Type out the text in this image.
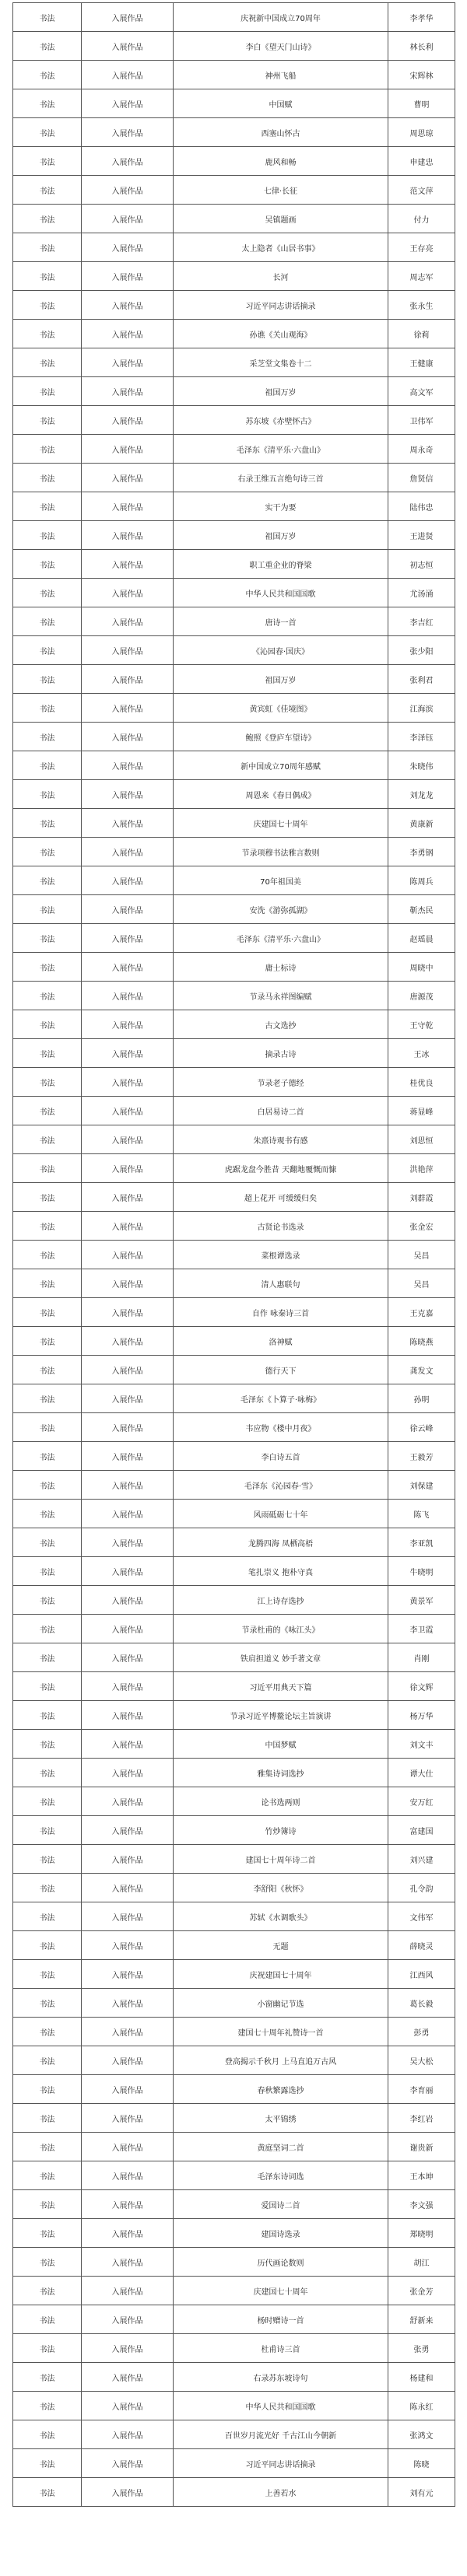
书法	入展作品	庆祝新中国成立70周年	李孝华
书法	入展作品	李白《望天门山诗》	林长利
书法	入展作品	神州飞船	宋辉林
书法	入展作品	中国赋	曹明
书法	入展作品	西塞山怀古	周思琼
书法	入展作品	鹿风和畅	申建忠
书法	入展作品	七律·长征	范文萍
书法	入展作品	吴镇题画	付力
书法	入展作品	太上隐者《山居书事》	王存亮
书法	入展作品	长河	周志军
书法	入展作品	习近平同志讲话摘录	张永生
书法	入展作品	孙谯《关山观海》	徐莉
书法	入展作品	采芝堂文集卷十二	王健康
书法	入展作品	祖国万岁	高文军
书法	入展作品	苏东坡《赤壁怀古》	卫伟军
书法	入展作品	毛泽东《清平乐·六盘山》	周永奇
书法	入展作品	右录王维五言绝句诗三首	詹贤信
书法	入展作品	实干为要	陆伟忠
书法	入展作品	祖国万岁	王进贤
书法	入展作品	职工重企业的脊梁	初志恒
书法	入展作品	中华人民共和国国歌	尤汤涌
书法	入展作品	唐诗一首	李吉红
书法	入展作品	《沁园春·国庆》	张少阳
书法	入展作品	祖国万岁	张利君
书法	入展作品	黄宾虹《佳境图》	江海滨
书法	入展作品	鲍照《登庐车望诗》	李泽钰
书法	入展作品	新中国成立70周年感赋	朱晓伟
书法	入展作品	周恩来《春日偶成》	刘龙龙
书法	入展作品	庆建国七十周年	黄康新
书法	入展作品	节录项穆书法雅言数则	李勇钢
书法	入展作品	70年祖国美	陈周兵
书法	入展作品	安洗《游弥孤湖》	靳杰民
书法	入展作品	毛泽东《清平乐·六盘山》	赵瑶晨
书法	入展作品	庸士标诗	周晓中
书法	入展作品	节录马永祥图编赋	唐源茂
书法	入展作品	古文选抄	王守乾
书法	入展作品	摘录古诗	王冰
书法	入展作品	节录老子德经	桂优良
书法	入展作品	白居易诗二首	蒋显峰
书法	入展作品	朱熹诗观书有感	刘思恒
书法	入展作品	虎踞龙盘今胜昔 天翻地覆慨而慷	洪艳萍
书法	入展作品	超上花开 可缓缓归矣	刘群霞
书法	入展作品	古贤论书选录	张金宏
书法	入展作品	菜根谭选录	吴昌
书法	入展作品	清人惠联句	吴昌
书法	入展作品	自作 咏秦诗三首	王克嘉
书法	入展作品	洛神赋	陈晓燕
书法	入展作品	德行天下	龚发文
书法	入展作品	毛泽东《卜算子·咏梅》	孙明
书法	入展作品	韦应物《楼中月夜》	徐云峰
书法	入展作品	李白诗五首	王毅芳
书法	入展作品	毛泽东《沁园春·雪》	刘保建
书法	入展作品	风雨砥砺七十年	陈飞
书法	入展作品	龙腾四海 凤栖高梧	李亚凯
书法	入展作品	笔扎崇义 抱朴守真	牛晓明
书法	入展作品	江上诗存选抄	黄景军
书法	入展作品	节录杜甫的《咏江头》	李卫霞
书法	入展作品	铁肩担道义 妙手著文章	肖刚
书法	入展作品	习近平用典天下篇	徐文辉
书法	入展作品	节录习近平博鳌论坛主旨演讲	杨万华
书法	入展作品	中国梦赋	刘文丰
书法	入展作品	雅集诗词选抄	谭大仕
书法	入展作品	论书选两则	安万红
书法	入展作品	竹炒簿诗	富建国
书法	入展作品	建国七十周年诗二首	刘兴建
书法	入展作品	李舒阳《秋怀》	孔令韵
书法	入展作品	苏轼《水调歌头》	文伟军
书法	入展作品	无题	薛晓灵
书法	入展作品	庆祝建国七十周年	江西风
书法	入展作品	小窗幽记节选	葛长毅
书法	入展作品	建国七十周年礼赞诗一首	彭勇
书法	入展作品	登高揭示千秋月 上马直追万古风	吴大松
书法	入展作品	春秋繁露选抄	李育丽
书法	入展作品	太平锦绣	李红岩
书法	入展作品	黄庭坚词二首	谢贵新
书法	入展作品	毛泽东诗词选	王本坤
书法	入展作品	爱国诗二首	李文强
书法	入展作品	建国诗选录	郑晓明
书法	入展作品	历代画论数则	胡江
书法	入展作品	庆建国七十周年	张金芳
书法	入展作品	杨时赠诗一首	舒新来
书法	入展作品	杜甫诗三首	张勇
书法	入展作品	右录苏东坡诗句	杨建和
书法	入展作品	中华人民共和国国歌	陈永红
书法	入展作品	百世岁月流光好 千古江山今朝新	张鸿文
书法	入展作品	习近平同志讲话摘录	陈晓
书法	入展作品	上善若水	刘有元
